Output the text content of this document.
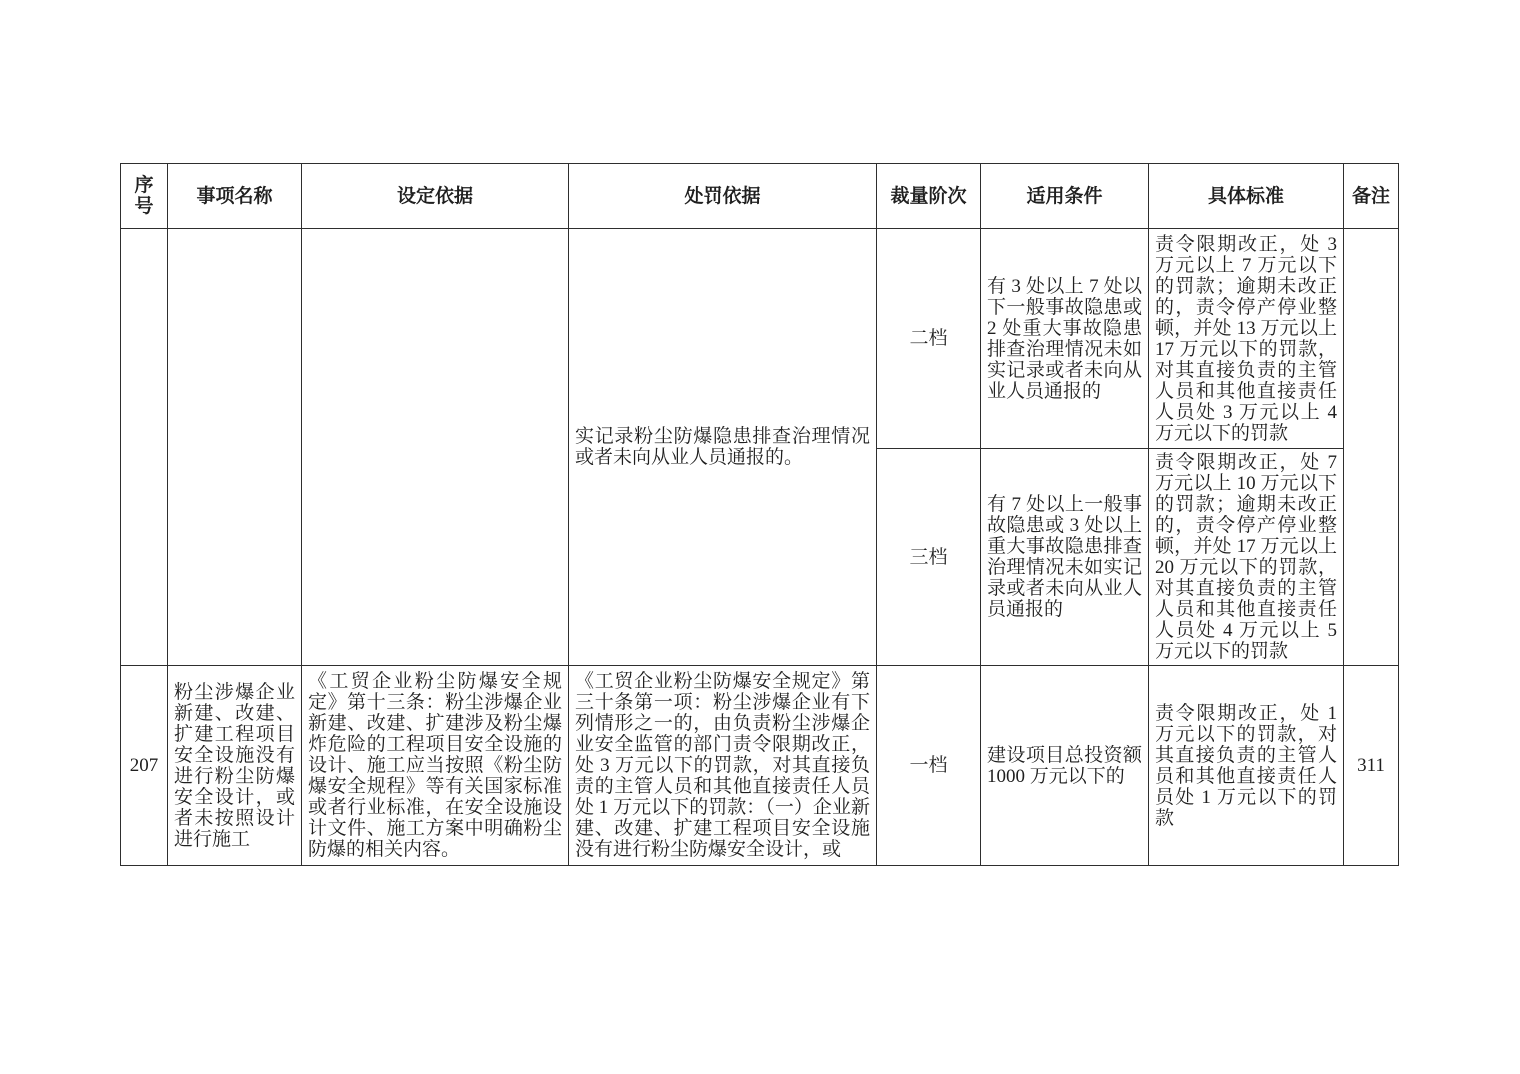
序号	事项名称	设定依据	处罚依据	裁量阶次	适用条件	具体标准	备注
			实记录粉尘防爆隐患排查治理情况或者未向从业人员通报的。	二档	有 3 处以上 7 处以下一般事故隐患或 2 处重大事故隐患排查治理情况未如实记录或者未向从业人员通报的	责令限期改正，处 3 万元以上 7 万元以下的罚款；逾期未改正的，责令停产停业整顿，并处 13 万元以上 17 万元以下的罚款，对其直接负责的主管人员和其他直接责任人员处 3 万元以上 4 万元以下的罚款	
				三档	有 7 处以上一般事故隐患或 3 处以上重大事故隐患排查治理情况未如实记录或者未向从业人员通报的	责令限期改正，处 7 万元以上 10 万元以下的罚款；逾期未改正的，责令停产停业整顿，并处 17 万元以上 20 万元以下的罚款，对其直接负责的主管人员和其他直接责任人员处 4 万元以上 5 万元以下的罚款	
207	粉尘涉爆企业新建、改建、扩建工程项目安全设施没有进行粉尘防爆安全设计，或者未按照设计进行施工	《工贸企业粉尘防爆安全规定》第十三条：粉尘涉爆企业新建、改建、扩建涉及粉尘爆炸危险的工程项目安全设施的设计、施工应当按照《粉尘防爆安全规程》等有关国家标准或者行业标准，在安全设施设计文件、施工方案中明确粉尘防爆的相关内容。	《工贸企业粉尘防爆安全规定》第三十条第一项：粉尘涉爆企业有下列情形之一的，由负责粉尘涉爆企业安全监管的部门责令限期改正，处 3 万元以下的罚款，对其直接负责的主管人员和其他直接责任人员处 1 万元以下的罚款：（一）企业新建、改建、扩建工程项目安全设施没有进行粉尘防爆安全设计，或	一档	建设项目总投资额 1000 万元以下的	责令限期改正，处 1 万元以下的罚款，对其直接负责的主管人员和其他直接责任人员处 1 万元以下的罚款	311
